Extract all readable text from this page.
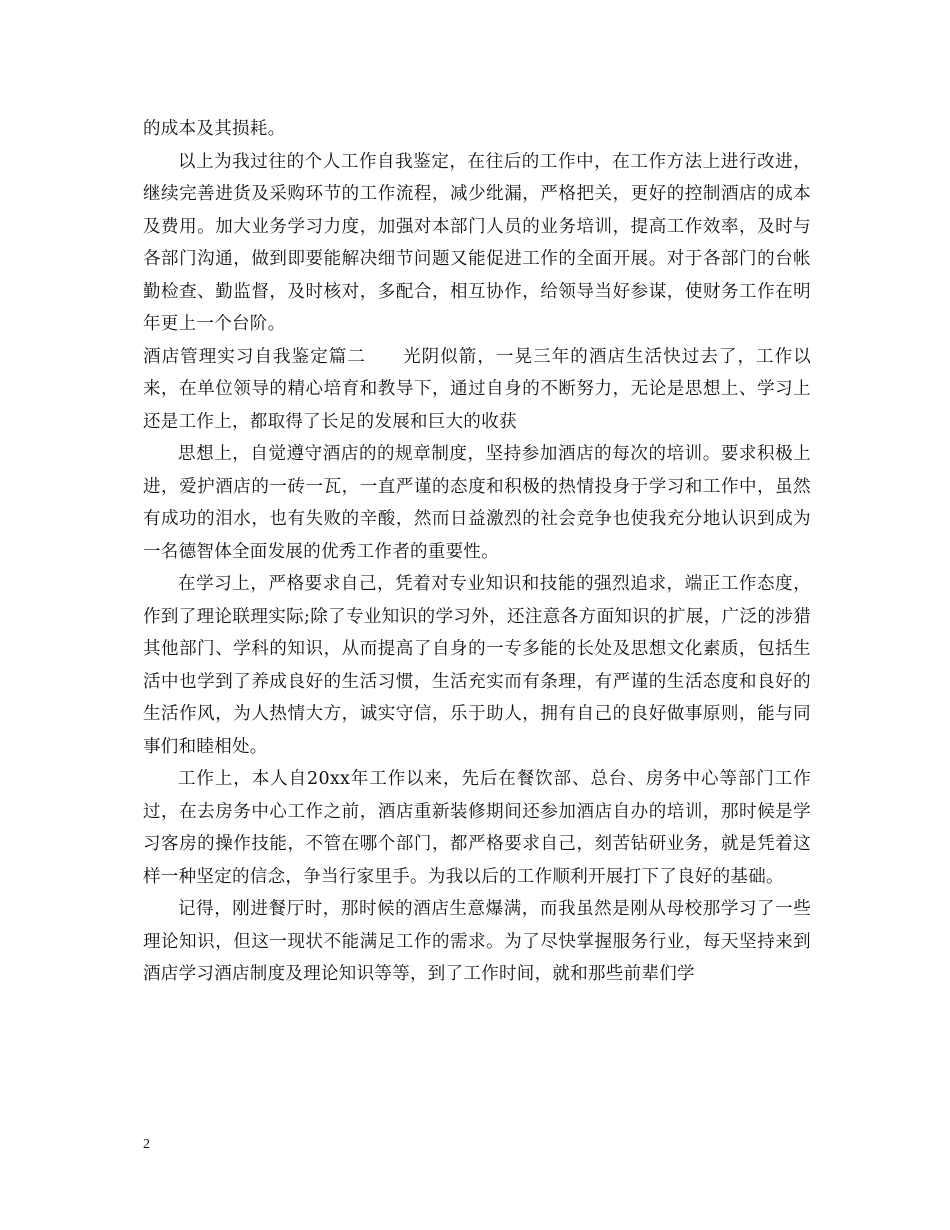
的成本及其损耗。

以上为我过往的个人工作自我鉴定，在往后的工作中，在工作方法上进行改进，继续完善进货及采购环节的工作流程，减少纰漏，严格把关，更好的控制酒店的成本及费用。加大业务学习力度，加强对本部门人员的业务培训，提高工作效率，及时与各部门沟通，做到即要能解决细节问题又能促进工作的全面开展。对于各部门的台帐勤检查、勤监督，及时核对，多配合，相互协作，给领导当好参谋，使财务工作在明年更上一个台阶。

酒店管理实习自我鉴定篇二　　光阴似箭，一晃三年的酒店生活快过去了，工作以来，在单位领导的精心培育和教导下，通过自身的不断努力，无论是思想上、学习上还是工作上，都取得了长足的发展和巨大的收获

思想上，自觉遵守酒店的的规章制度，坚持参加酒店的每次的培训。要求积极上进，爱护酒店的一砖一瓦，一直严谨的态度和积极的热情投身于学习和工作中，虽然有成功的泪水，也有失败的辛酸，然而日益激烈的社会竞争也使我充分地认识到成为一名德智体全面发展的优秀工作者的重要性。

在学习上，严格要求自己，凭着对专业知识和技能的强烈追求，端正工作态度，作到了理论联理实际;除了专业知识的学习外，还注意各方面知识的扩展，广泛的涉猎其他部门、学科的知识，从而提高了自身的一专多能的长处及思想文化素质，包括生活中也学到了养成良好的生活习惯，生活充实而有条理，有严谨的生活态度和良好的生活作风，为人热情大方，诚实守信，乐于助人，拥有自己的良好做事原则，能与同事们和睦相处。

工作上，本人自20xx年工作以来，先后在餐饮部、总台、房务中心等部门工作过，在去房务中心工作之前，酒店重新装修期间还参加酒店自办的培训，那时候是学习客房的操作技能，不管在哪个部门，都严格要求自己，刻苦钻研业务，就是凭着这样一种坚定的信念，争当行家里手。为我以后的工作顺利开展打下了良好的基础。

记得，刚进餐厅时，那时候的酒店生意爆满，而我虽然是刚从母校那学习了一些理论知识，但这一现状不能满足工作的需求。为了尽快掌握服务行业，每天坚持来到酒店学习酒店制度及理论知识等等，到了工作时间，就和那些前辈们学

2
